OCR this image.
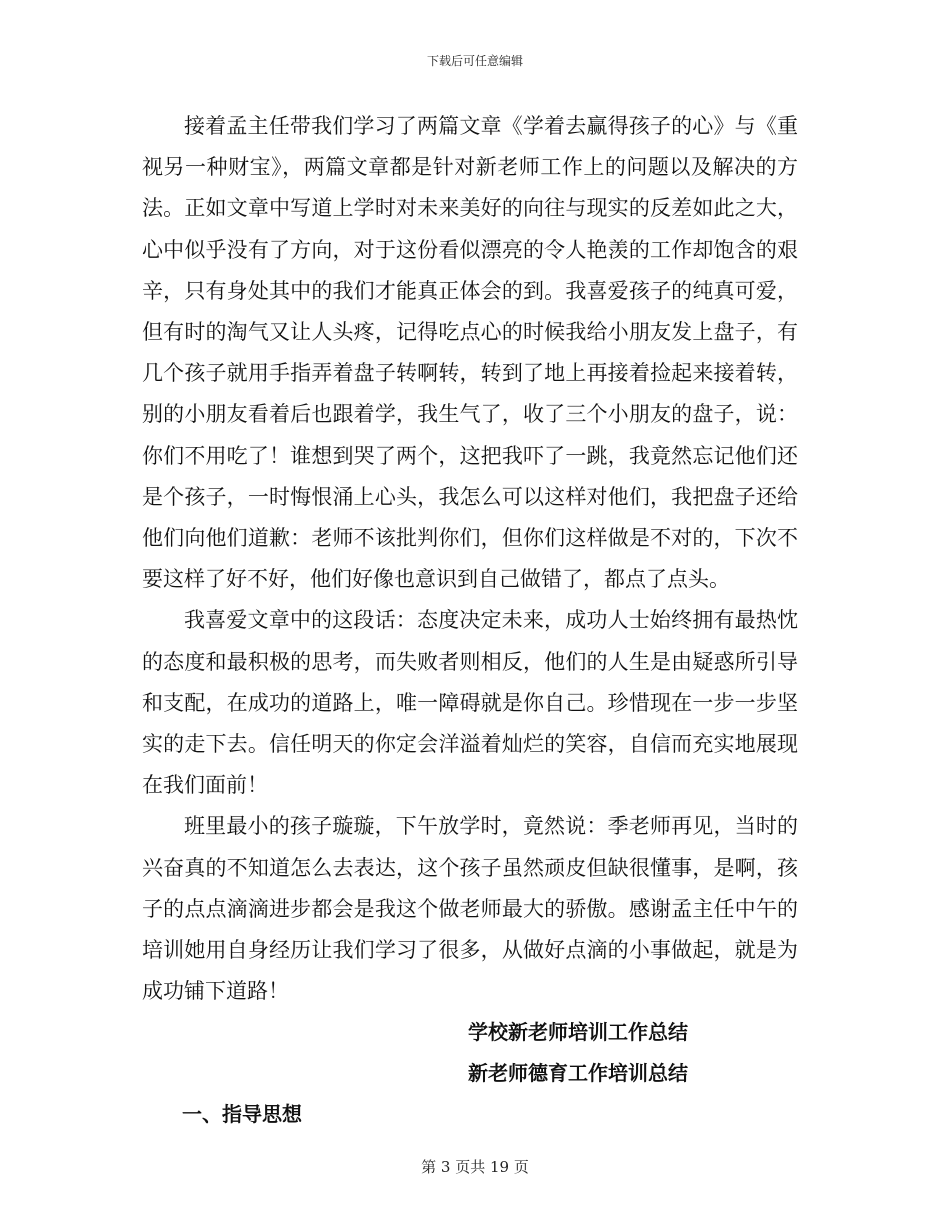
下载后可任意编辑

接着孟主任带我们学习了两篇文章《学着去赢得孩子的心》与《重视另一种财宝》，两篇文章都是针对新老师工作上的问题以及解决的方法。正如文章中写道上学时对未来美好的向往与现实的反差如此之大，心中似乎没有了方向，对于这份看似漂亮的令人艳羡的工作却饱含的艰辛，只有身处其中的我们才能真正体会的到。我喜爱孩子的纯真可爱，但有时的淘气又让人头疼，记得吃点心的时候我给小朋友发上盘子，有几个孩子就用手指弄着盘子转啊转，转到了地上再接着捡起来接着转，别的小朋友看着后也跟着学，我生气了，收了三个小朋友的盘子，说：你们不用吃了！谁想到哭了两个，这把我吓了一跳，我竟然忘记他们还是个孩子，一时悔恨涌上心头，我怎么可以这样对他们，我把盘子还给他们向他们道歉：老师不该批判你们，但你们这样做是不对的，下次不要这样了好不好，他们好像也意识到自己做错了，都点了点头。

我喜爱文章中的这段话：态度决定未来，成功人士始终拥有最热忱的态度和最积极的思考，而失败者则相反，他们的人生是由疑惑所引导和支配，在成功的道路上，唯一障碍就是你自己。珍惜现在一步一步坚实的走下去。信任明天的你定会洋溢着灿烂的笑容，自信而充实地展现在我们面前！

班里最小的孩子璇璇，下午放学时，竟然说：季老师再见，当时的兴奋真的不知道怎么去表达，这个孩子虽然顽皮但缺很懂事，是啊，孩子的点点滴滴进步都会是我这个做老师最大的骄傲。感谢孟主任中午的培训她用自身经历让我们学习了很多，从做好点滴的小事做起，就是为成功铺下道路！

学校新老师培训工作总结

新老师德育工作培训总结

一、指导思想

第 3 页共 19 页
